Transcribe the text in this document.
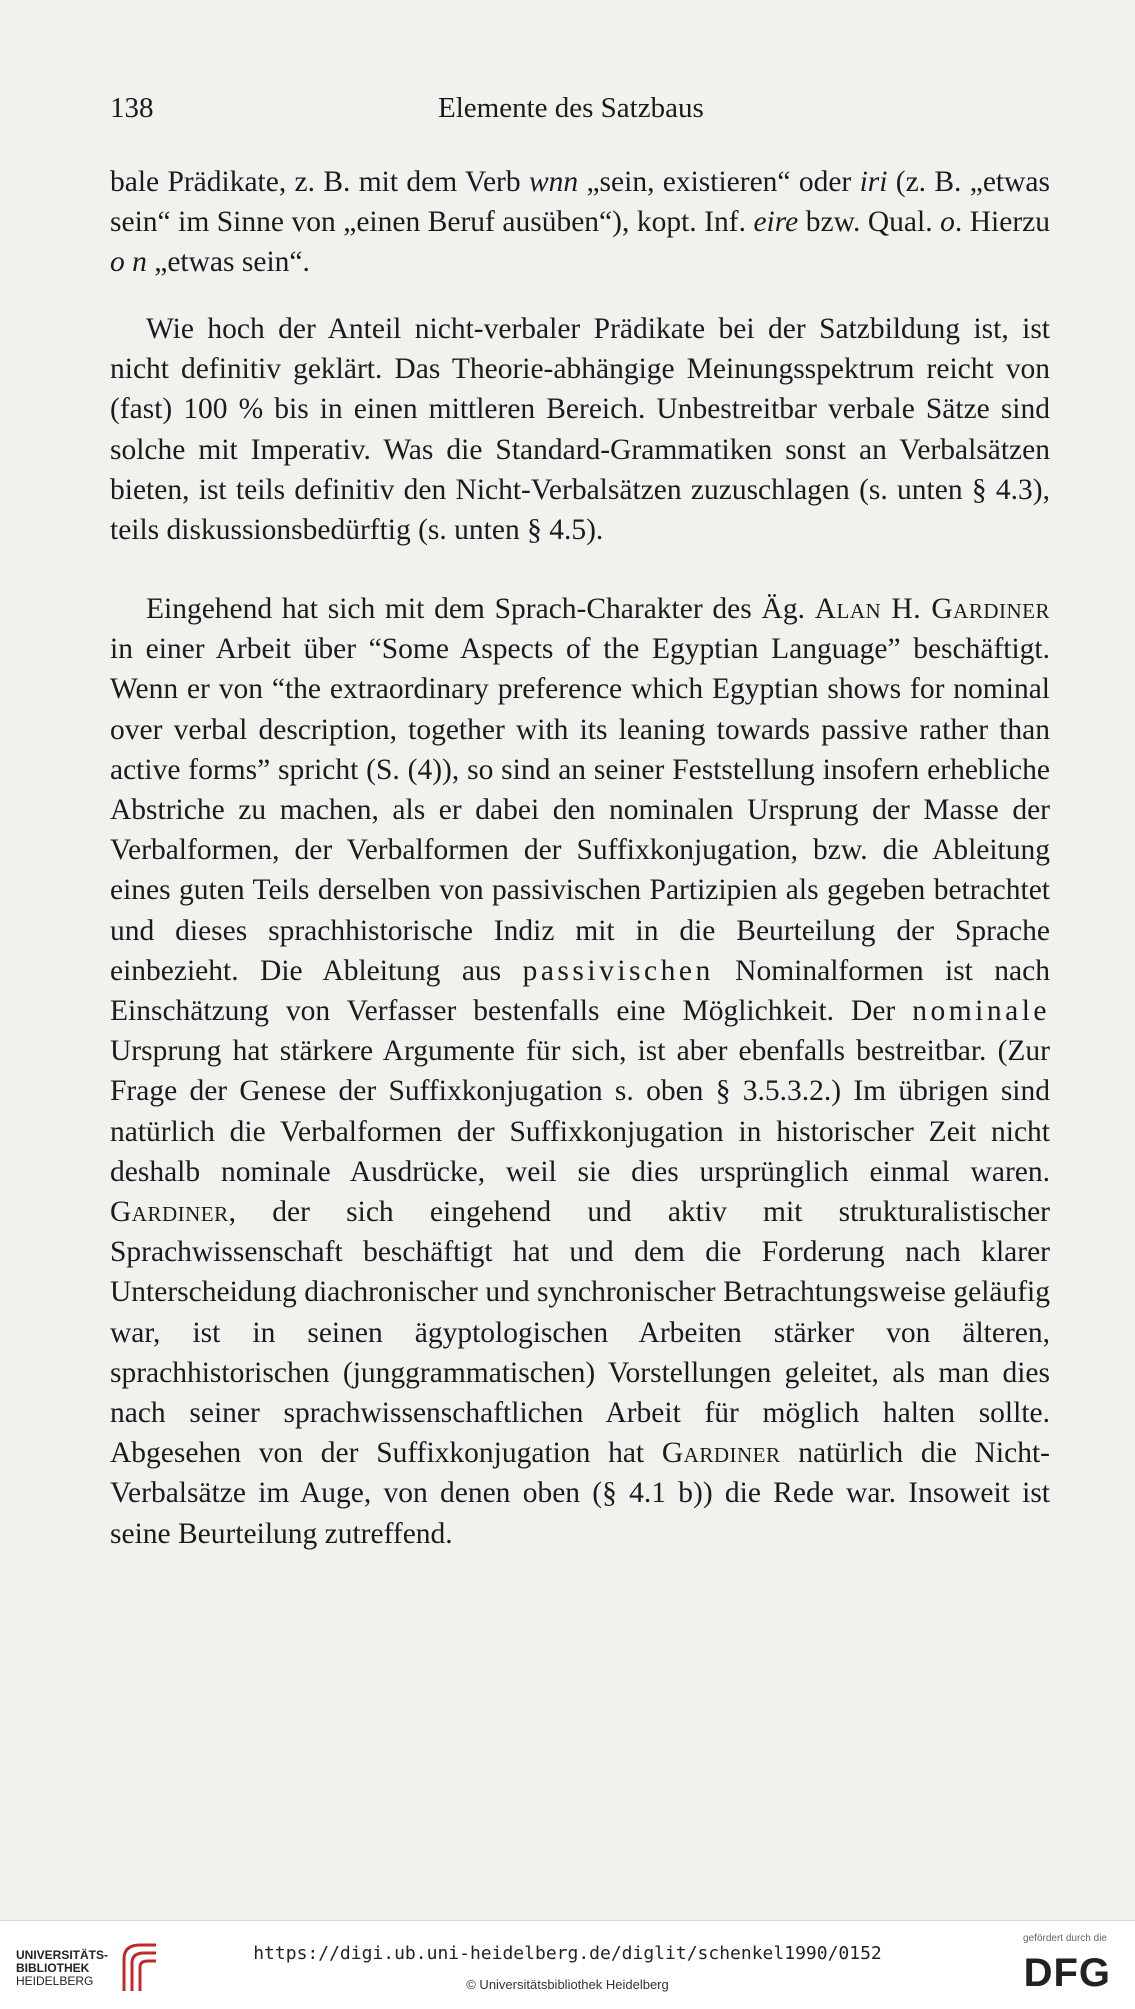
138	Elemente des Satzbaus

bale Prädikate, z. B. mit dem Verb wnn „sein, existieren“ oder iri (z. B. „etwas sein“ im Sinne von „einen Beruf ausüben“), kopt. Inf. eire bzw. Qual. o. Hierzu o n „etwas sein“.

Wie hoch der Anteil nicht-verbaler Prädikate bei der Satzbildung ist, ist nicht definitiv geklärt. Das Theorie-abhängige Meinungsspektrum reicht von (fast) 100 % bis in einen mittleren Bereich. Unbestreitbar verbale Sätze sind solche mit Imperativ. Was die Standard-Grammatiken sonst an Verbalsätzen bieten, ist teils definitiv den Nicht-Verbalsätzen zuzuschlagen (s. unten § 4.3), teils diskussionsbedürftig (s. unten § 4.5).

Eingehend hat sich mit dem Sprach-Charakter des Äg. Alan H. Gardiner in einer Arbeit über “Some Aspects of the Egyptian Language” beschäftigt. Wenn er von “the extraordinary preference which Egyptian shows for nominal over verbal description, together with its leaning towards passive rather than active forms” spricht (S. (4)), so sind an seiner Feststellung insofern erhebliche Abstriche zu machen, als er dabei den nominalen Ursprung der Masse der Verbalformen, der Verbalformen der Suffixkonjugation, bzw. die Ableitung eines guten Teils derselben von passivischen Partizipien als gegeben betrachtet und dieses sprachhistorische Indiz mit in die Beurteilung der Sprache einbezieht. Die Ableitung aus passivischen Nominalformen ist nach Einschätzung von Verfasser bestenfalls eine Möglichkeit. Der nominale Ursprung hat stärkere Argumente für sich, ist aber ebenfalls bestreitbar. (Zur Frage der Genese der Suffixkonjugation s. oben § 3.5.3.2.) Im übrigen sind natürlich die Verbalformen der Suffixkonjugation in historischer Zeit nicht deshalb nominale Ausdrücke, weil sie dies ursprünglich einmal waren. Gardiner, der sich eingehend und aktiv mit strukturalistischer Sprachwissenschaft beschäftigt hat und dem die Forderung nach klarer Unterscheidung diachronischer und synchronischer Betrachtungsweise geläufig war, ist in seinen ägyptologischen Arbeiten stärker von älteren, sprachhistorischen (junggrammatischen) Vorstellungen geleitet, als man dies nach seiner sprachwissenschaftlichen Arbeit für möglich halten sollte. Abgesehen von der Suffixkonjugation hat Gardiner natürlich die Nicht-Verbalsätze im Auge, von denen oben (§ 4.1 b)) die Rede war. Insoweit ist seine Beurteilung zutreffend.

UNIVERSITÄTS-
BIBLIOTHEK
HEIDELBERG
https://digi.ub.uni-heidelberg.de/diglit/schenkel1990/0152
© Universitätsbibliothek Heidelberg
gefördert durch die
DFG
